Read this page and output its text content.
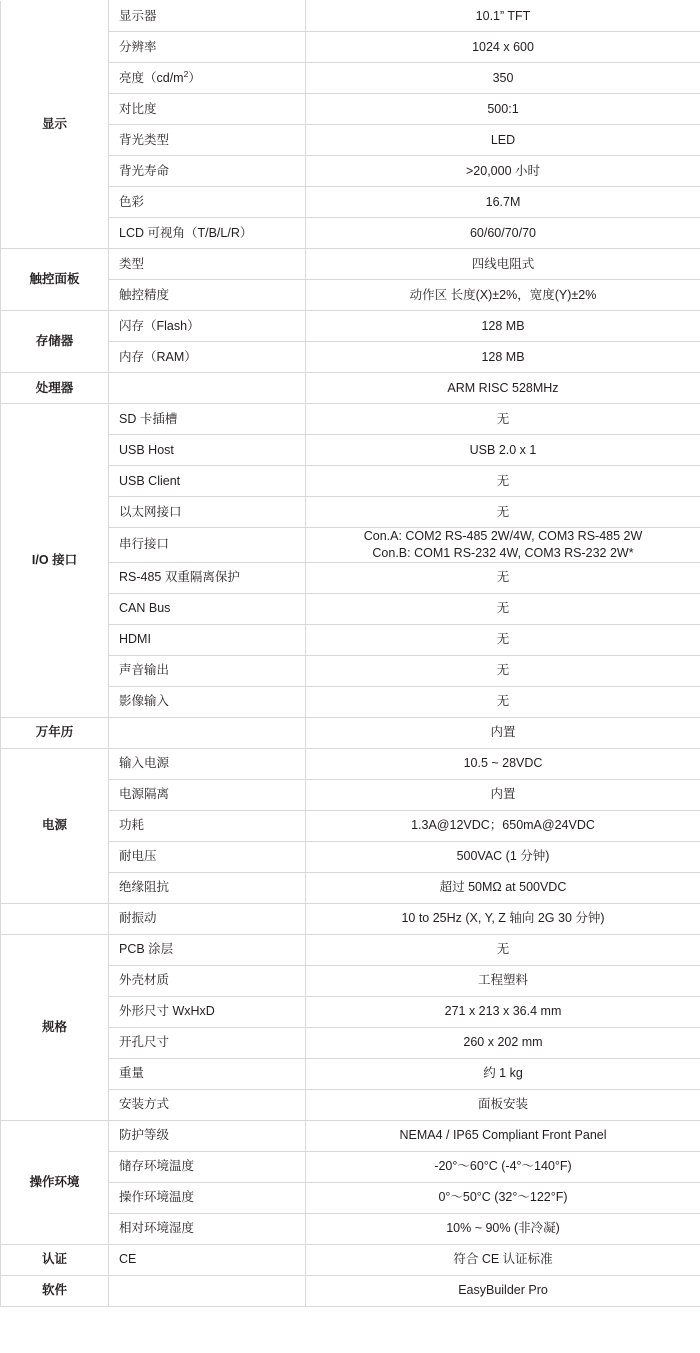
显示	显示器	10.1” TFT
	分辨率	1024 x 600
	亮度$(cd/m^2)$	350
	对比度	500:1
	背光类型	LED
	背光寿命	>20,000 小时
	色彩	16.7M
	LCD 可视角（T/B/L/R）	60/60/70/70
触控面板	类型	四线电阻式
	触控精度	动作区 长度(X)±2%，宽度(Y)±2%
存储器	闪存（Flash）	128 MB
	内存（RAM）	128 MB
处理器		ARM RISC 528MHz
I/O 接口	SD 卡插槽	无
	USB Host	USB 2.0 x 1
	USB Client	无
	以太网接口	无
	串行接口	Con.A: COM2 RS-485 2W/4W, COM3 RS-485 2W
Con.B: COM1 RS-232 4W, COM3 RS-232 2W*

	RS-485 双重隔离保护	无
	CAN Bus	无
	HDMI	无
	声音输出	无
	影像输入	无
万年历		内置
电源	输入电源	10.5 ~ 28VDC
	电源隔离	内置
	功耗	1.3A@12VDC；650mA@24VDC
	耐电压	500VAC (1 分钟)
	绝缘阻抗	超过 50MΩ at 500VDC
	耐振动	10 to 25Hz (X, Y, Z 轴向 2G 30 分钟)
规格	PCB 涂层	无
	外壳材质	工程塑料
	外形尺寸 WxHxD	271 x 213 x 36.4 mm
	开孔尺寸	260 x 202 mm
	重量	约 1 kg
	安装方式	面板安装
操作环境	防护等级	NEMA4 / IP65 Compliant Front Panel
	储存环境温度	-20°～60°C (-4°～140°F)
	操作环境温度	0°～50°C (32°～122°F)
	相对环境湿度	10% ~ 90% (非冷凝)
认证	CE	符合 CE 认证标准
软件		EasyBuilder Pro
